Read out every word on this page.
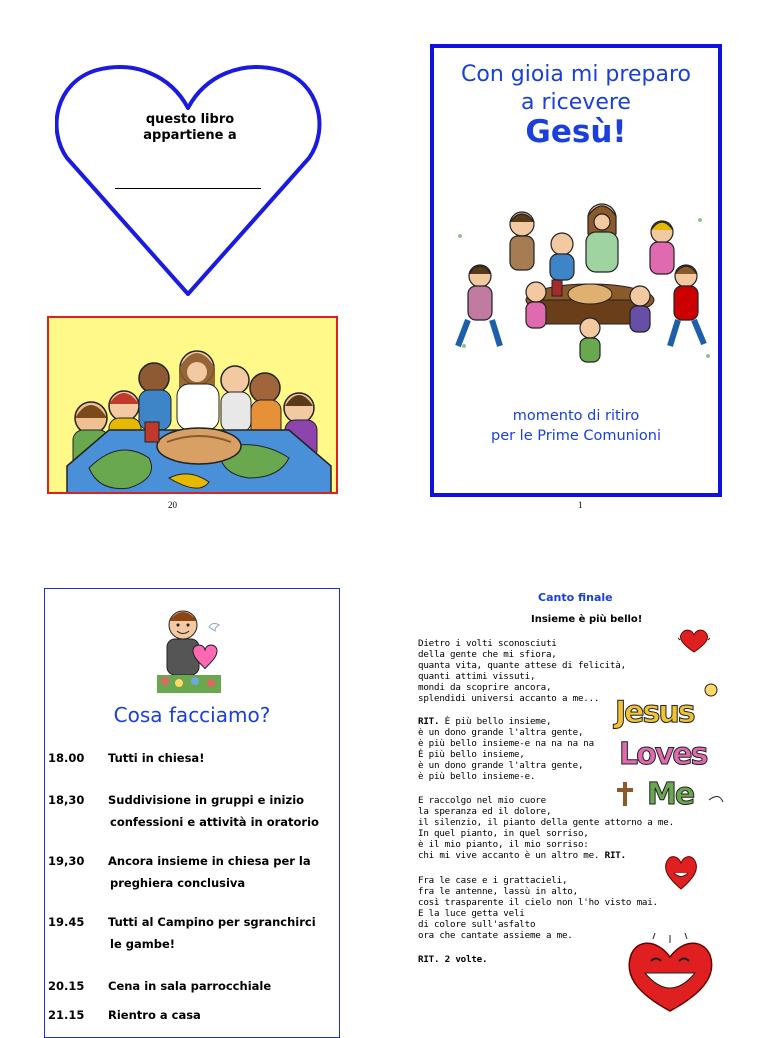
questo libro
appartiene a
20
Con gioia mi preparo
a ricevere
Gesù!
momento di ritiro
per le Prime Comunioni
1
Cosa facciamo?
18.00	Tutti in chiesa!
18,30	Suddivisione in gruppi e inizio
confessioni e attività in oratorio
19,30	Ancora insieme in chiesa per la
preghiera conclusiva
19.45	Tutti al Campino per sgranchirci
le gambe!
20.15	Cena in sala parrocchiale
21.15	Rientro a casa
Canto finale
Insieme è più bello!
Dietro i volti sconosciuti
della gente che mi sfiora,
quanta vita, quante attese di felicità,
quanti attimi vissuti,
mondi da scoprire ancora,
splendidi universi accanto a me...
RIT. È più bello insieme,
è un dono grande l'altra gente,
è più bello insieme-e na na na na
È più bello insieme,
è un dono grande l'altra gente,
è più bello insieme-e.
E raccolgo nel mio cuore
la speranza ed il dolore,
il silenzio, il pianto della gente attorno a me.
In quel pianto, in quel sorriso,
è il mio pianto, il mio sorriso:
chi mi vive accanto è un altro me. RIT.
Fra le case e i grattacieli,
fra le antenne, lassù in alto,
così trasparente il cielo non l'ho visto mai.
E la luce getta veli
di colore sull'asfalto
ora che cantate assieme a me.
RIT. 2 volte.
Jesus
Loves
Me
